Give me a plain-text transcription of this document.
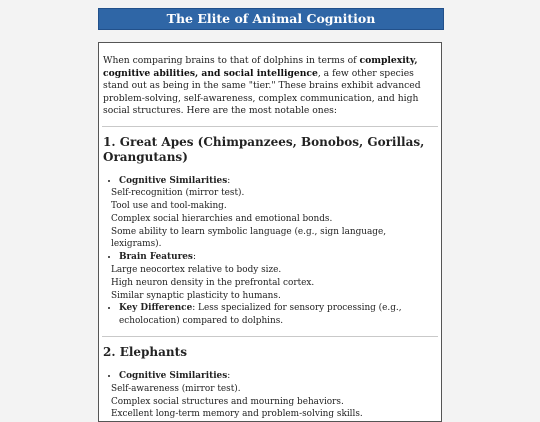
The Elite of Animal Cognition

When comparing brains to that of dolphins in terms of complexity, cognitive abilities, and social intelligence, a few other species stand out as being in the same "tier." These brains exhibit advanced problem-solving, self-awareness, complex communication, and high social structures. Here are the most notable ones:

1. Great Apes (Chimpanzees, Bonobos, Gorillas, Orangutans)
• Cognitive Similarities:
Self-recognition (mirror test).
Tool use and tool-making.
Complex social hierarchies and emotional bonds.
Some ability to learn symbolic language (e.g., sign language, lexigrams).
• Brain Features:
Large neocortex relative to body size.
High neuron density in the prefrontal cortex.
Similar synaptic plasticity to humans.
• Key Difference: Less specialized for sensory processing (e.g., echolocation) compared to dolphins.
2. Elephants
• Cognitive Similarities:
Self-awareness (mirror test).
Complex social structures and mourning behaviors.
Excellent long-term memory and problem-solving skills.
